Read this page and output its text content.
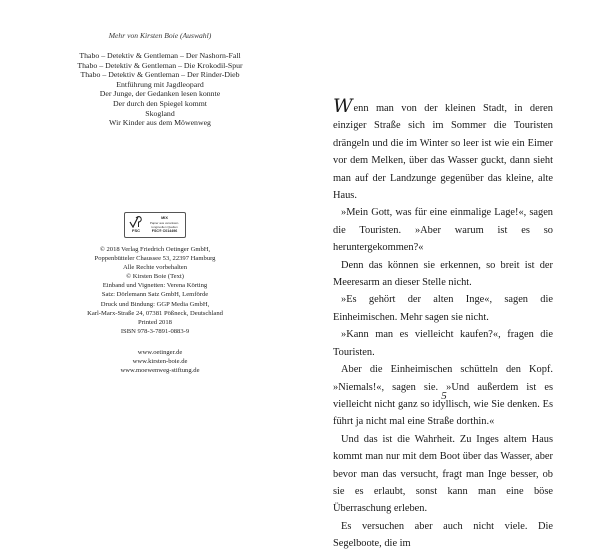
Mehr von Kirsten Boie (Auswahl)
Thabo – Detektiv & Gentleman – Der Nashorn-Fall
Thabo – Detektiv & Gentleman – Die Krokodil-Spur
Thabo – Detektiv & Gentleman – Der Rinder-Dieb
Entführung mit Jagdleopard
Der Junge, der Gedanken lesen konnte
Der durch den Spiegel kommt
Skogland
Wir Kinder aus dem Möwenweg
FSC
MIX
Papier aus verantwor-
tungsvollen Quellen
FSC® C014496
© 2018 Verlag Friedrich Oetinger GmbH,
Poppenbütteler Chaussee 53, 22397 Hamburg
Alle Rechte vorbehalten
© Kirsten Boie (Text)
Einband und Vignetten: Verena Körting
Satz: Dörlemann Satz GmbH, Lemförde
Druck und Bindung: GGP Media GmbH,
Karl-Marx-Straße 24, 07381 Pößneck, Deutschland
Printed 2018
ISBN 978-3-7891-0883-9
www.oetinger.de
www.kirsten-boie.de
www.moewenweg-stiftung.de

Wenn man von der kleinen Stadt, in deren einziger Straße sich im Sommer die Touristen drängeln und die im Winter so leer ist wie ein Eimer vor dem Melken, über das Wasser guckt, dann sieht man auf der Landzunge gegenüber das kleine, alte Haus.

»Mein Gott, was für eine einmalige Lage!«, sagen die Touristen. »Aber warum ist es so heruntergekommen?«

Denn das können sie erkennen, so breit ist der Meeresarm an dieser Stelle nicht.

»Es gehört der alten Inge«, sagen die Einheimischen. Mehr sagen sie nicht.

»Kann man es vielleicht kaufen?«, fragen die Touristen.

Aber die Einheimischen schütteln den Kopf. »Niemals!«, sagen sie. »Und außerdem ist es vielleicht nicht ganz so idyllisch, wie Sie denken. Es führt ja nicht mal eine Straße dorthin.«

Und das ist die Wahrheit. Zu Inges altem Haus kommt man nur mit dem Boot über das Wasser, aber bevor man das versucht, fragt man Inge besser, ob sie es erlaubt, sonst kann man eine böse Überraschung erleben.

Es versuchen aber auch nicht viele. Die Segelboote, die im

5
